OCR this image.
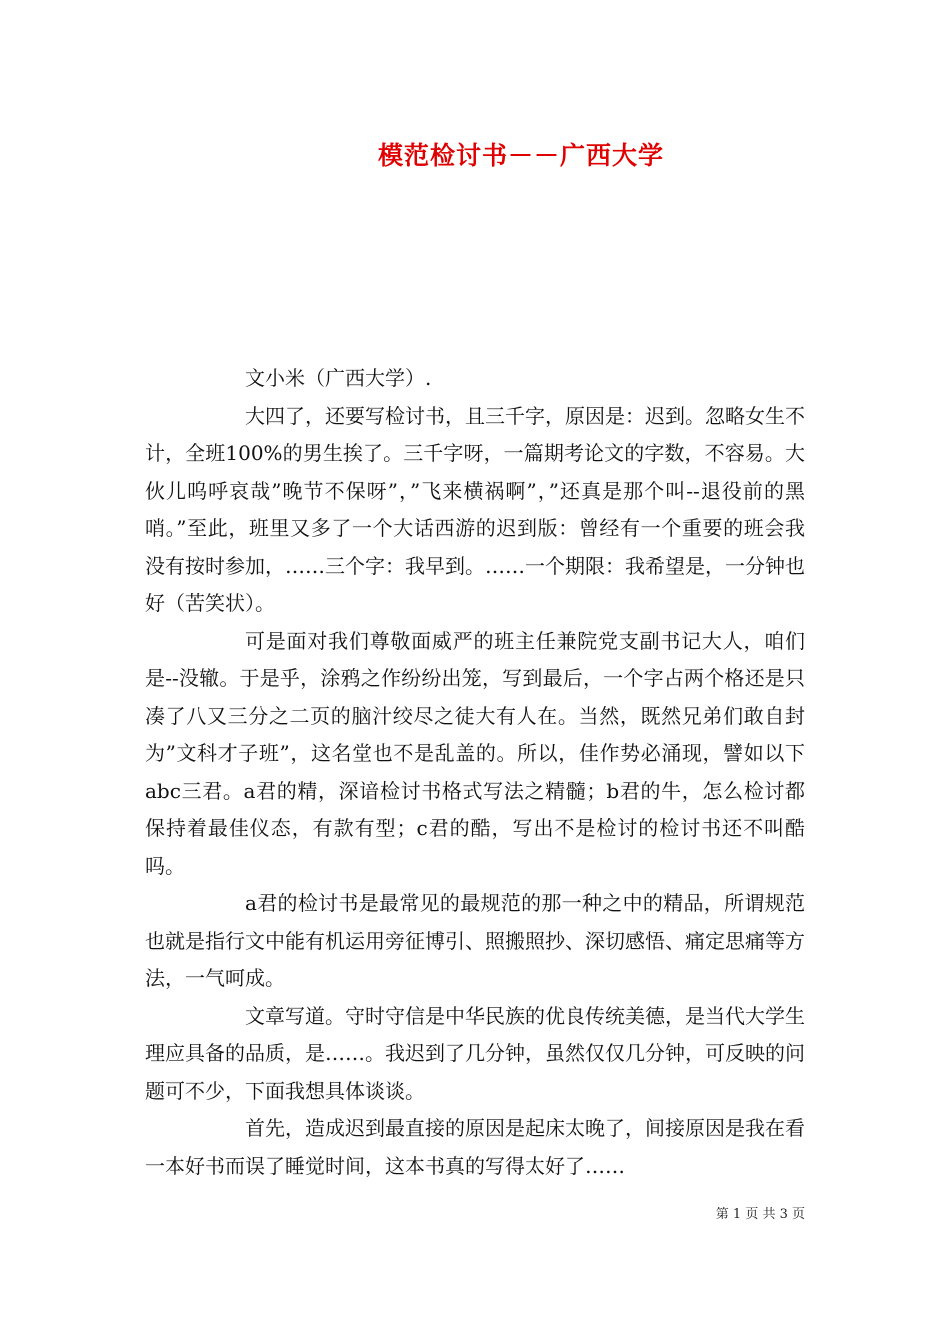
模范检讨书－－广西大学

文小米（广西大学）.

大四了，还要写检讨书，且三千字，原因是：迟到。忽略女生不计，全班100%的男生挨了。三千字呀，一篇期考论文的字数，不容易。大伙儿呜呼哀哉”晚节不保呀”，”飞来横祸啊”，”还真是那个叫--退役前的黑哨。”至此，班里又多了一个大话西游的迟到版：曾经有一个重要的班会我没有按时参加，……三个字：我早到。……一个期限：我希望是，一分钟也好（苦笑状）。

可是面对我们尊敬面威严的班主任兼院党支副书记大人，咱们是--没辙。于是乎，涂鸦之作纷纷出笼，写到最后，一个字占两个格还是只凑了八又三分之二页的脑汁绞尽之徒大有人在。当然，既然兄弟们敢自封为”文科才子班”，这名堂也不是乱盖的。所以，佳作势必涌现，譬如以下abc三君。a君的精，深谙检讨书格式写法之精髓；b君的牛，怎么检讨都保持着最佳仪态，有款有型；c君的酷，写出不是检讨的检讨书还不叫酷吗。

a君的检讨书是最常见的最规范的那一种之中的精品，所谓规范也就是指行文中能有机运用旁征博引、照搬照抄、深切感悟、痛定思痛等方法，一气呵成。

文章写道。守时守信是中华民族的优良传统美德，是当代大学生理应具备的品质，是……。我迟到了几分钟，虽然仅仅几分钟，可反映的问题可不少，下面我想具体谈谈。

首先，造成迟到最直接的原因是起床太晚了，间接原因是我在看一本好书而误了睡觉时间，这本书真的写得太好了……

第 1 页 共 3 页
